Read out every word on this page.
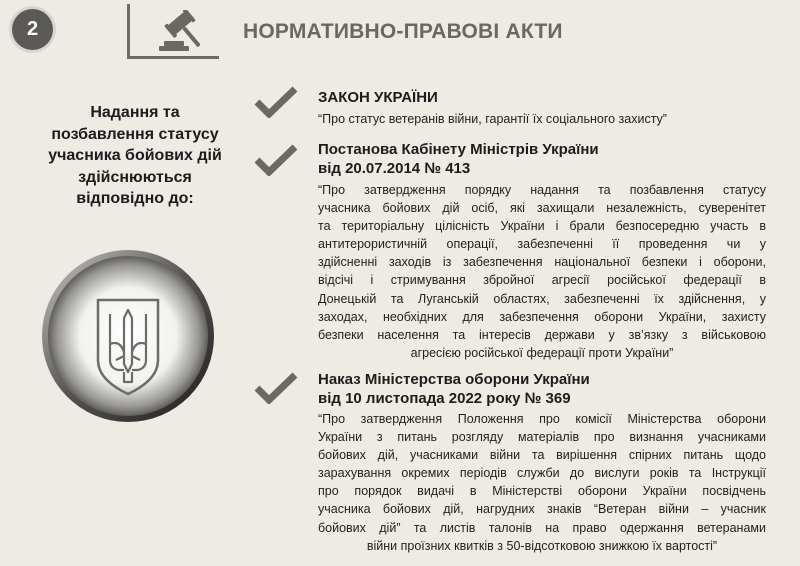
2	НОРМАТИВНО-ПРАВОВІ АКТИ
Надання та позбавлення статусу учасника бойових дій здійснюються відповідно до:
ЗАКОН УКРАЇНИ
“Про статус ветеранів війни, гарантії їх соціального захисту”
Постанова Кабінету Міністрів України
від 20.07.2014 № 413
“Про затвердження порядку надання та позбавлення статусу
учасника бойових дій осіб, які захищали незалежність, суверенітет
та територіальну цілісність України і брали безпосередню участь в
антитерористичній операції, забезпеченні її проведення чи у
здійсненні заходів із забезпечення національної безпеки і оборони,
відсічі і стримування збройної агресії російської федерації в
Донецькій та Луганській областях, забезпеченні їх здійснення, у
заходах, необхідних для забезпечення оборони України, захисту
безпеки населення та інтересів держави у зв’язку з військовою
агресією російської федерації проти України”
Наказ Міністерства оборони України
від 10 листопада 2022 року № 369
“Про затвердження Положення про комісії Міністерства оборони
України з питань розгляду матеріалів про визнання учасниками
бойових дій, учасниками війни та вирішення спірних питань щодо
зарахування окремих періодів служби до вислуги років та Інструкції
про порядок видачі в Міністерстві оборони України посвідчень
учасника бойових дій, нагрудних знаків “Ветеран війни – учасник
бойових дій” та листів талонів на право одержання ветеранами
війни проїзних квитків з 50-відсотковою знижкою їх вартості”
